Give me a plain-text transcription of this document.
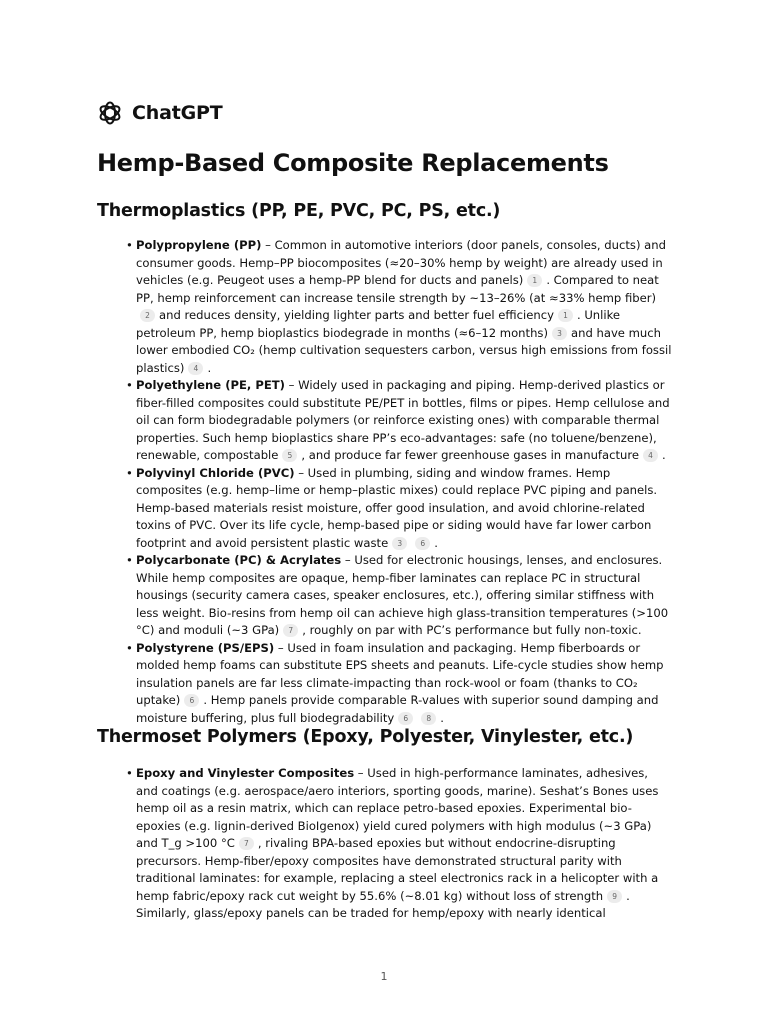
ChatGPT
Hemp-Based Composite Replacements
Thermoplastics (PP, PE, PVC, PC, PS, etc.)
• Polypropylene (PP) – Common in automotive interiors (door panels, consoles, ducts) and consumer goods. Hemp–PP biocomposites (≈20–30% hemp by weight) are already used in vehicles (e.g. Peugeot uses a hemp-PP blend for ducts and panels) 1 . Compared to neat PP, hemp reinforcement can increase tensile strength by ~13–26% (at ≈33% hemp fiber)2 and reduces density, yielding lighter parts and better fuel efficiency 1 . Unlike petroleum PP, hemp bioplastics biodegrade in months (≈6–12 months) 3 and have much lower embodied CO₂ (hemp cultivation sequesters carbon, versus high emissions from fossil plastics) 4 .
• Polyethylene (PE, PET) – Widely used in packaging and piping. Hemp-derived plastics or fiber-filled composites could substitute PE/PET in bottles, films or pipes. Hemp cellulose and oil can form biodegradable polymers (or reinforce existing ones) with comparable thermal properties. Such hemp bioplastics share PP’s eco-advantages: safe (no toluene/benzene), renewable, compostable 5 , and produce far fewer greenhouse gases in manufacture 4 .
• Polyvinyl Chloride (PVC) – Used in plumbing, siding and window frames. Hemp composites (e.g. hemp–lime or hemp–plastic mixes) could replace PVC piping and panels. Hemp-based materials resist moisture, offer good insulation, and avoid chlorine-related toxins of PVC. Over its life cycle, hemp-based pipe or siding would have far lower carbon footprint and avoid persistent plastic waste 3 6 .
• Polycarbonate (PC) & Acrylates – Used for electronic housings, lenses, and enclosures. While hemp composites are opaque, hemp-fiber laminates can replace PC in structural housings (security camera cases, speaker enclosures, etc.), offering similar stiffness with less weight. Bio-resins from hemp oil can achieve high glass-transition temperatures (>100 °C) and moduli (~3 GPa) 7 , roughly on par with PC’s performance but fully non-toxic.
• Polystyrene (PS/EPS) – Used in foam insulation and packaging. Hemp fiberboards or molded hemp foams can substitute EPS sheets and peanuts. Life-cycle studies show hemp insulation panels are far less climate-impacting than rock-wool or foam (thanks to CO₂ uptake) 6 . Hemp panels provide comparable R-values with superior sound damping and moisture buffering, plus full biodegradability 6 8 .
Thermoset Polymers (Epoxy, Polyester, Vinylester, etc.)
• Epoxy and Vinylester Composites – Used in high-performance laminates, adhesives, and coatings (e.g. aerospace/aero interiors, sporting goods, marine). Seshat’s Bones uses hemp oil as a resin matrix, which can replace petro-based epoxies. Experimental bio-epoxies (e.g. lignin-derived BioIgenox) yield cured polymers with high modulus (~3 GPa) and T_g >100 °C 7 , rivaling BPA-based epoxies but without endocrine-disrupting precursors. Hemp-fiber/epoxy composites have demonstrated structural parity with traditional laminates: for example, replacing a steel electronics rack in a helicopter with a hemp fabric/epoxy rack cut weight by 55.6% (~8.01 kg) without loss of strength 9 . Similarly, glass/epoxy panels can be traded for hemp/epoxy with nearly identical
1
